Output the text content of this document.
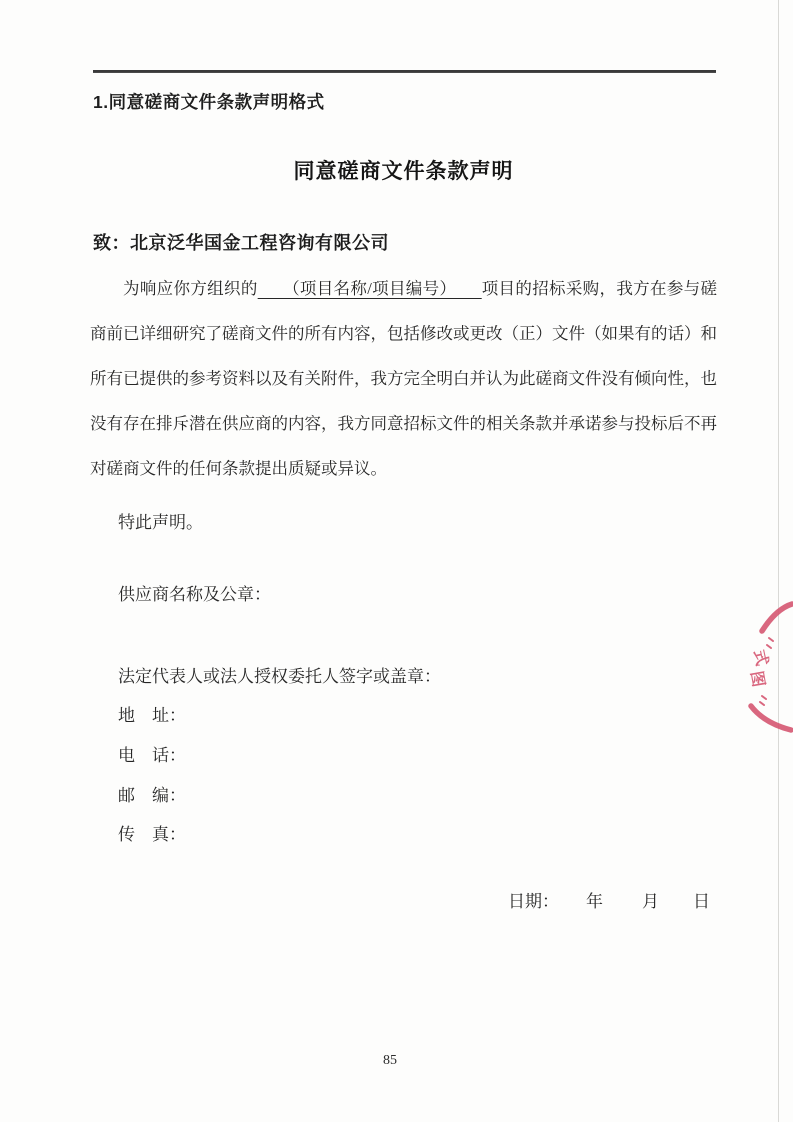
1.同意磋商文件条款声明格式
同意磋商文件条款声明
致：北京泛华国金工程咨询有限公司
为响应你方组织的　　（项目名称/项目编号）　　项目的招标采购，我方在参与磋商前已详细研究了磋商文件的所有内容，包括修改或更改（正）文件（如果有的话）和所有已提供的参考资料以及有关附件，我方完全明白并认为此磋商文件没有倾向性，也没有存在排斥潜在供应商的内容，我方同意招标文件的相关条款并承诺参与投标后不再对磋商文件的任何条款提出质疑或异议。
特此声明。
供应商名称及公章：
法定代表人或法人授权委托人签字或盖章：
地　址：
电　话：
邮　编：
传　真：
日期： 年 月 日
85
式
图
